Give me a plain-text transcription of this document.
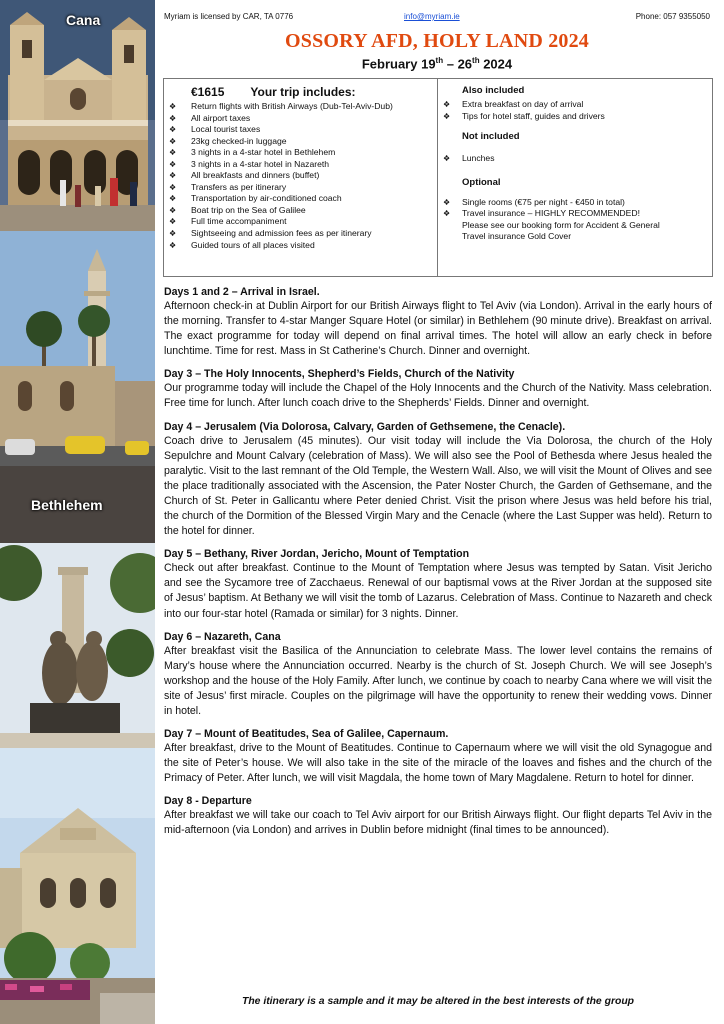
Cana
Bethlehem
Myriam is licensed by CAR, TA 0776	info@myriam.ie	Phone: 057 9355050
OSSORY AFD, HOLY LAND 2024
February 19th – 26th 2024
€1615 Your trip includes:
❖ Return flights with British Airways (Dub-Tel-Aviv-Dub)
❖ All airport taxes
❖ Local tourist taxes
❖ 23kg checked-in luggage
❖ 3 nights in a 4-star hotel in Bethlehem
❖ 3 nights in a 4-star hotel in Nazareth
❖ All breakfasts and dinners (buffet)
❖ Transfers as per itinerary
❖ Transportation by air-conditioned coach
❖ Boat trip on the Sea of Galilee
❖ Full time accompaniment
❖ Sightseeing and admission fees as per itinerary
❖ Guided tours of all places visited
Also included
❖ Extra breakfast on day of arrival
❖ Tips for hotel staff, guides and drivers
Not included
❖ Lunches
Optional
❖ Single rooms (€75 per night - €450 in total)
❖ Travel insurance – HIGHLY RECOMMENDED!
Please see our booking form for Accident & General
Travel insurance Gold Cover
Days 1 and 2 – Arrival in Israel.

Afternoon check-in at Dublin Airport for our British Airways flight to Tel Aviv (via London). Arrival in the early hours of the morning. Transfer to 4-star Manger Square Hotel (or similar) in Bethlehem (90 minute drive). Breakfast on arrival. The exact programme for today will depend on final arrival times. The hotel will allow an early check in before lunchtime. Time for rest. Mass in St Catherine’s Church. Dinner and overnight.

Day 3 – The Holy Innocents, Shepherd’s Fields, Church of the Nativity

Our programme today will include the Chapel of the Holy Innocents and the Church of the Nativity. Mass celebration. Free time for lunch. After lunch coach drive to the Shepherds’ Fields. Dinner and overnight.

Day 4 – Jerusalem (Via Dolorosa, Calvary, Garden of Gethsemene, the Cenacle).

Coach drive to Jerusalem (45 minutes). Our visit today will include the Via Dolorosa, the church of the Holy Sepulchre and Mount Calvary (celebration of Mass). We will also see the Pool of Bethesda where Jesus healed the paralytic. Visit to the last remnant of the Old Temple, the Western Wall. Also, we will visit the Mount of Olives and see the place traditionally associated with the Ascension, the Pater Noster Church, the Garden of Gethsemane, and the Church of St. Peter in Gallicantu where Peter denied Christ. Visit the prison where Jesus was held before his trial, the church of the Dormition of the Blessed Virgin Mary and the Cenacle (where the Last Supper was held). Return to the hotel for dinner.

Day 5 – Bethany, River Jordan, Jericho, Mount of Temptation

Check out after breakfast. Continue to the Mount of Temptation where Jesus was tempted by Satan. Visit Jericho and see the Sycamore tree of Zacchaeus. Renewal of our baptismal vows at the River Jordan at the supposed site of Jesus’ baptism. At Bethany we will visit the tomb of Lazarus. Celebration of Mass. Continue to Nazareth and check into our four-star hotel (Ramada or similar) for 3 nights. Dinner.

Day 6 – Nazareth, Cana

After breakfast visit the Basilica of the Annunciation to celebrate Mass. The lower level contains the remains of Mary’s house where the Annunciation occurred. Nearby is the church of St. Joseph Church. We will see Joseph’s workshop and the house of the Holy Family. After lunch, we continue by coach to nearby Cana where we will visit the site of Jesus’ first miracle. Couples on the pilgrimage will have the opportunity to renew their wedding vows. Dinner in hotel.

Day 7 – Mount of Beatitudes, Sea of Galilee, Capernaum.

After breakfast, drive to the Mount of Beatitudes. Continue to Capernaum where we will visit the old Synagogue and the site of Peter’s house. We will also take in the site of the miracle of the loaves and fishes and the church of the Primacy of Peter. After lunch, we will visit Magdala, the home town of Mary Magdalene. Return to hotel for dinner.

Day 8 - Departure

After breakfast we will take our coach to Tel Aviv airport for our British Airways flight. Our flight departs Tel Aviv in the mid-afternoon (via London) and arrives in Dublin before midnight (final times to be announced).

The itinerary is a sample and it may be altered in the best interests of the group
